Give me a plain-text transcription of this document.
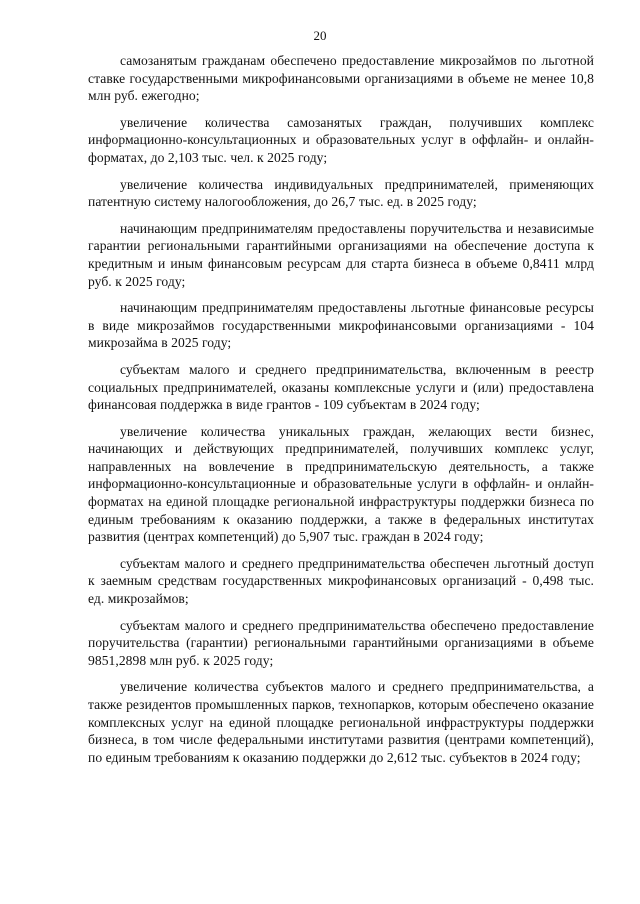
20

самозанятым гражданам обеспечено предоставление микрозаймов по льготной ставке государственными микрофинансовыми организациями в объеме не менее 10,8 млн руб. ежегодно;

увеличение количества самозанятых граждан, получивших комплекс информационно-консультационных и образовательных услуг в оффлайн- и онлайн-форматах, до 2,103 тыс. чел. к 2025 году;

увеличение количества индивидуальных предпринимателей, применяющих патентную систему налогообложения, до 26,7 тыс. ед. в 2025 году;

начинающим предпринимателям предоставлены поручительства и независимые гарантии региональными гарантийными организациями на обеспечение доступа к кредитным и иным финансовым ресурсам для старта бизнеса в объеме 0,8411 млрд руб. к 2025 году;

начинающим предпринимателям предоставлены льготные финансовые ресурсы в виде микрозаймов государственными микрофинансовыми организациями - 104 микрозайма в 2025 году;

субъектам малого и среднего предпринимательства, включенным в реестр социальных предпринимателей, оказаны комплексные услуги и (или) предоставлена финансовая поддержка в виде грантов - 109 субъектам в 2024 году;

увеличение количества уникальных граждан, желающих вести бизнес, начинающих и действующих предпринимателей, получивших комплекс услуг, направленных на вовлечение в предпринимательскую деятельность, а также информационно-консультационные и образовательные услуги в оффлайн- и онлайн-форматах на единой площадке региональной инфраструктуры поддержки бизнеса по единым требованиям к оказанию поддержки, а также в федеральных институтах развития (центрах компетенций) до 5,907 тыс. граждан в 2024 году;

субъектам малого и среднего предпринимательства обеспечен льготный доступ к заемным средствам государственных микрофинансовых организаций - 0,498 тыс. ед. микрозаймов;

субъектам малого и среднего предпринимательства обеспечено предоставление поручительства (гарантии) региональными гарантийными организациями в объеме 9851,2898 млн руб. к 2025 году;

увеличение количества субъектов малого и среднего предпринимательства, а также резидентов промышленных парков, технопарков, которым обеспечено оказание комплексных услуг на единой площадке региональной инфраструктуры поддержки бизнеса, в том числе федеральными институтами развития (центрами компетенций), по единым требованиям к оказанию поддержки до 2,612 тыс. субъектов в 2024 году;
